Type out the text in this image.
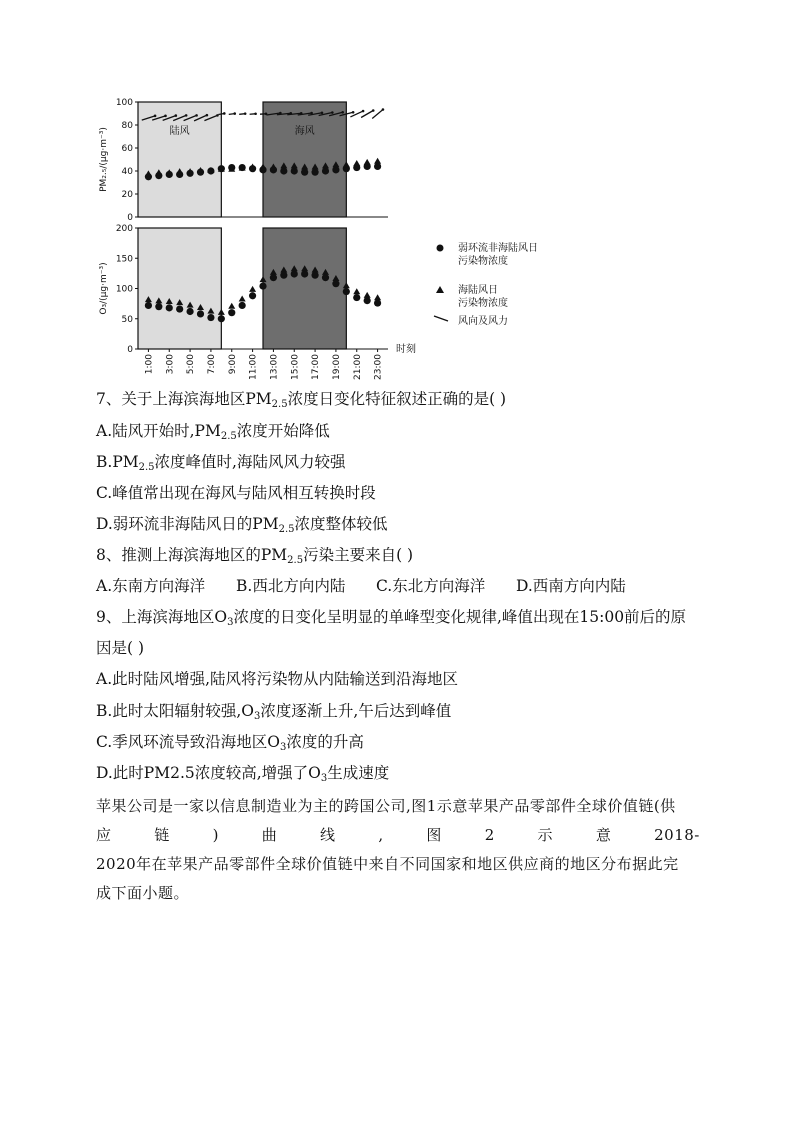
0
20
40
60
80
100
PM₂.₅/(μg·m⁻³)	陆风	海风
0
50
100
150
200
O₃/(μg·m⁻³)
1:00 3:00 5:00 7:00 9:00 11:00 13:00 15:00 17:00 19:00 21:00 23:00
时刻
弱环流非海陆风日
污染物浓度
海陆风日
污染物浓度
风向及风力
7、关于上海滨海地区$PM_{2.5}$浓度日变化特征叙述正确的是( )
A.陆风开始时$,PM_{2.5}$浓度开始降低
$B.PM_{2.5}$浓度峰值时,海陆风风力较强
C.峰值常出现在海风与陆风相互转换时段
D.弱环流非海陆风日的$PM_{2.5}$浓度整体较低
8、推测上海滨海地区的$PM_{2.5}$污染主要来自( )
A.东南方向海洋 B.西北方向内陆 C.东北方向海洋 D.西南方向内陆
9、上海滨海地区$O_3$浓度的日变化呈明显的单峰型变化规律,峰值出现在15:00前后的原
因是( )
A.此时陆风增强,陆风将污染物从内陆输送到沿海地区
B.此时太阳辐射较强$,O_3$浓度逐渐上升,午后达到峰值
C.季风环流导致沿海地区$O_3$浓度的升高
D.此时PM2.5浓度较高,增强了$O_3$生成速度
苹果公司是一家以信息制造业为主的跨国公司,图1示意苹果产品零部件全球价值链(供
应	链	)	曲	线	,	图	2	示	意	2018-
2020年在苹果产品零部件全球价值链中来自不同国家和地区供应商的地区分布据此完
成下面小题。
